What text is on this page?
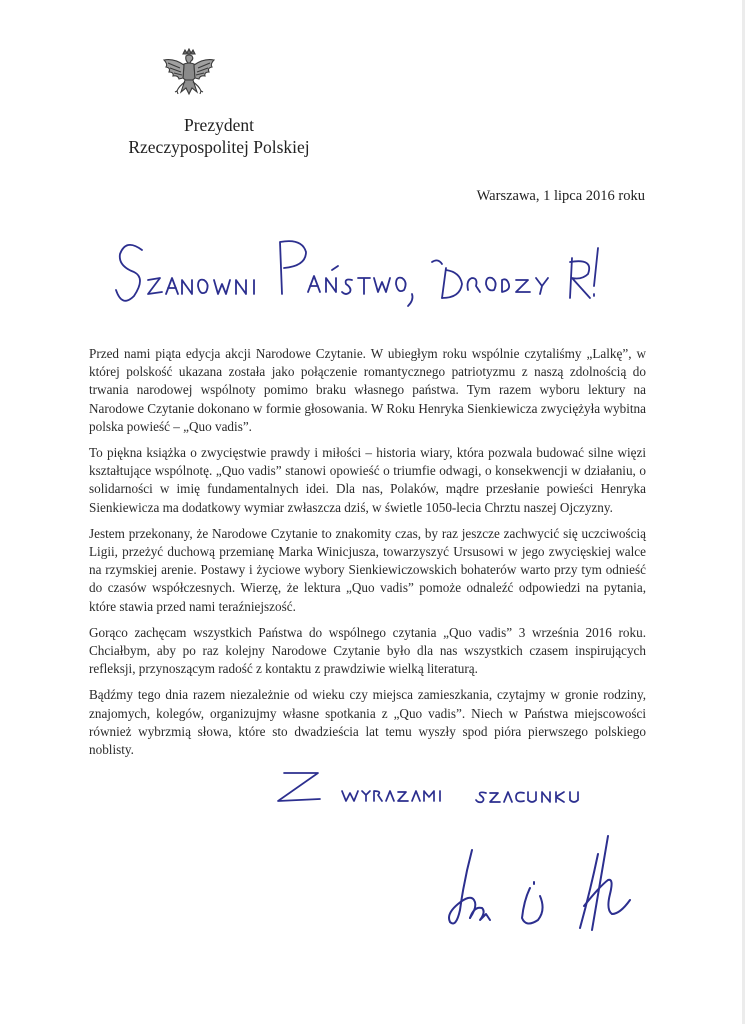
Prezydent
Rzeczypospolitej Polskiej
Warszawa, 1 lipca 2016 roku

Przed nami piąta edycja akcji Narodowe Czytanie. W ubiegłym roku wspólnie czytaliśmy „Lalkę”, w której polskość ukazana została jako połączenie romantycznego patriotyzmu z naszą zdolnością do trwania narodowej wspólnoty pomimo braku własnego państwa. Tym razem wyboru lektury na Narodowe Czytanie dokonano w formie głosowania. W Roku Henryka Sienkiewicza zwyciężyła wybitna polska powieść – „Quo vadis”.

To piękna książka o zwycięstwie prawdy i miłości – historia wiary, która pozwala budować silne więzi kształtujące wspólnotę. „Quo vadis” stanowi opowieść o triumfie odwagi, o konsekwencji w działaniu, o solidarności w imię fundamentalnych idei. Dla nas, Polaków, mądre przesłanie powieści Henryka Sienkiewicza ma dodatkowy wymiar zwłaszcza dziś, w świetle 1050-lecia Chrztu naszej Ojczyzny.

Jestem przekonany, że Narodowe Czytanie to znakomity czas, by raz jeszcze zachwycić się uczciwością Ligii, przeżyć duchową przemianę Marka Winicjusza, towarzyszyć Ursusowi w jego zwycięskiej walce na rzymskiej arenie. Postawy i życiowe wybory Sienkiewiczowskich bohaterów warto przy tym odnieść do czasów współczesnych. Wierzę, że lektura „Quo vadis” pomoże odnaleźć odpowiedzi na pytania, które stawia przed nami teraźniejszość.

Gorąco zachęcam wszystkich Państwa do wspólnego czytania „Quo vadis” 3 września 2016 roku. Chciałbym, aby po raz kolejny Narodowe Czytanie było dla nas wszystkich czasem inspirujących refleksji, przynoszącym radość z kontaktu z prawdziwie wielką literaturą.

Bądźmy tego dnia razem niezależnie od wieku czy miejsca zamieszkania, czytajmy w gronie rodziny, znajomych, kolegów, organizujmy własne spotkania z „Quo vadis”. Niech w Państwa miejscowości również wybrzmią słowa, które sto dwadzieścia lat temu wyszły spod pióra pierwszego polskiego noblisty.
